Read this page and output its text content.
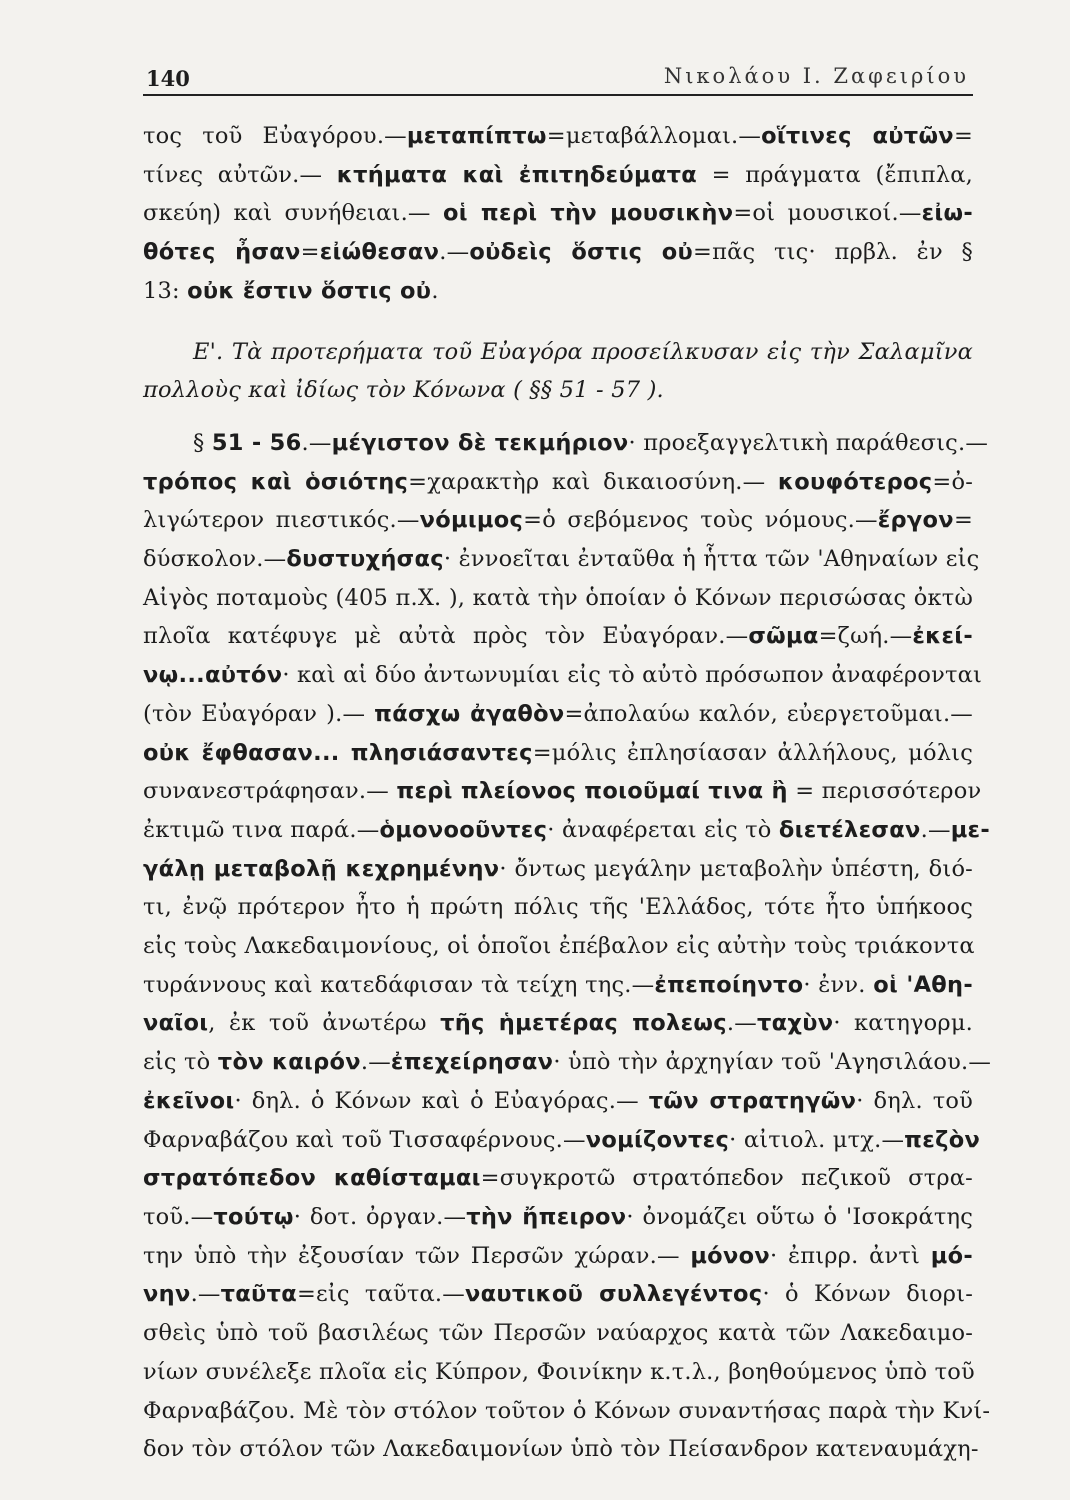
140	Νικολάου Ι. Ζαφειρίου
τος τοῦ Εὐαγόρου.—μεταπίπτω=μεταβάλλομαι.—οἵτινες αὐτῶν=
τίνες αὐτῶν.— κτήματα καὶ ἐπιτηδεύματα = πράγματα (ἔπιπλα,
σκεύη) καὶ συνήθειαι.— οἱ περὶ τὴν μουσικὴν=οἱ μουσικοί.—εἰω-
θότες ἦσαν=εἰώθεσαν.—οὐδεὶς ὅστις οὐ=πᾶς τις· πρβλ. ἐν §
13: οὐκ ἔστιν ὅστις οὐ.
Ε'. Τὰ προτερήματα τοῦ Εὐαγόρα προσείλκυσαν εἰς τὴν Σαλαμῖνα
πολλοὺς καὶ ἰδίως τὸν Κόνωνα ( §§ 51 - 57 ).
§ 51 - 56.—μέγιστον δὲ τεκμήριον· προεξαγγελτικὴ παράθεσις.—
τρόπος καὶ ὁσιότης=χαρακτὴρ καὶ δικαιοσύνη.— κουφότερος=ὀ-
λιγώτερον πιεστικός.—νόμιμος=ὁ σεβόμενος τοὺς νόμους.—ἔργον=
δύσκολον.—δυστυχήσας· ἐννοεῖται ἐνταῦθα ἡ ἧττα τῶν 'Αθηναίων εἰς
Αἰγὸς ποταμοὺς (405 π.Χ. ), κατὰ τὴν ὁποίαν ὁ Κόνων περισώσας ὀκτὼ
πλοῖα κατέφυγε μὲ αὐτὰ πρὸς τὸν Εὐαγόραν.—σῶμα=ζωή.—ἐκεί-
νῳ...αὐτόν· καὶ αἱ δύο ἀντωνυμίαι εἰς τὸ αὐτὸ πρόσωπον ἀναφέρονται
(τὸν Εὐαγόραν ).— πάσχω ἀγαθὸν=ἀπολαύω καλόν, εὐεργετοῦμαι.—
οὐκ ἔφθασαν... πλησιάσαντες=μόλις ἐπλησίασαν ἀλλήλους, μόλις
συνανεστράφησαν.— περὶ πλείονος ποιοῦμαί τινα ἢ = περισσότερον
ἐκτιμῶ τινα παρά.—ὁμονοοῦντες· ἀναφέρεται εἰς τὸ διετέλεσαν.—με-
γάλῃ μεταβολῇ κεχρημένην· ὄντως μεγάλην μεταβολὴν ὑπέστη, διό-
τι, ἐνῷ πρότερον ἦτο ἡ πρώτη πόλις τῆς 'Ελλάδος, τότε ἦτο ὑπήκοος
εἰς τοὺς Λακεδαιμονίους, οἱ ὁποῖοι ἐπέβαλον εἰς αὐτὴν τοὺς τριάκοντα
τυράννους καὶ κατεδάφισαν τὰ τείχη της.—ἐπεποίηντο· ἐνν. οἱ 'Αθη-
ναῖοι, ἐκ τοῦ ἀνωτέρω τῆς ἡμετέρας πολεως.—ταχὺν· κατηγορμ.
εἰς τὸ τὸν καιρόν.—ἐπεχείρησαν· ὑπὸ τὴν ἀρχηγίαν τοῦ 'Αγησιλάου.—
ἐκεῖνοι· δηλ. ὁ Κόνων καὶ ὁ Εὐαγόρας.— τῶν στρατηγῶν· δηλ. τοῦ
Φαρναβάζου καὶ τοῦ Τισσαφέρνους.—νομίζοντες· αἰτιολ. μτχ.—πεζὸν
στρατόπεδον καθίσταμαι=συγκροτῶ στρατόπεδον πεζικοῦ στρα-
τοῦ.—τούτῳ· δοτ. ὀργαν.—τὴν ἤπειρον· ὀνομάζει οὕτω ὁ 'Ισοκράτης
την ὑπὸ τὴν ἐξουσίαν τῶν Περσῶν χώραν.— μόνον· ἐπιρρ. ἀντὶ μό-
νην.—ταῦτα=εἰς ταῦτα.—ναυτικοῦ συλλεγέντος· ὁ Κόνων διορι-
σθεὶς ὑπὸ τοῦ βασιλέως τῶν Περσῶν ναύαρχος κατὰ τῶν Λακεδαιμο-
νίων συνέλεξε πλοῖα εἰς Κύπρον, Φοινίκην κ.τ.λ., βοηθούμενος ὑπὸ τοῦ
Φαρναβάζου. Μὲ τὸν στόλον τοῦτον ὁ Κόνων συναντήσας παρὰ τὴν Κνί-
δον τὸν στόλον τῶν Λακεδαιμονίων ὑπὸ τὸν Πείσανδρον κατεναυμάχη-
